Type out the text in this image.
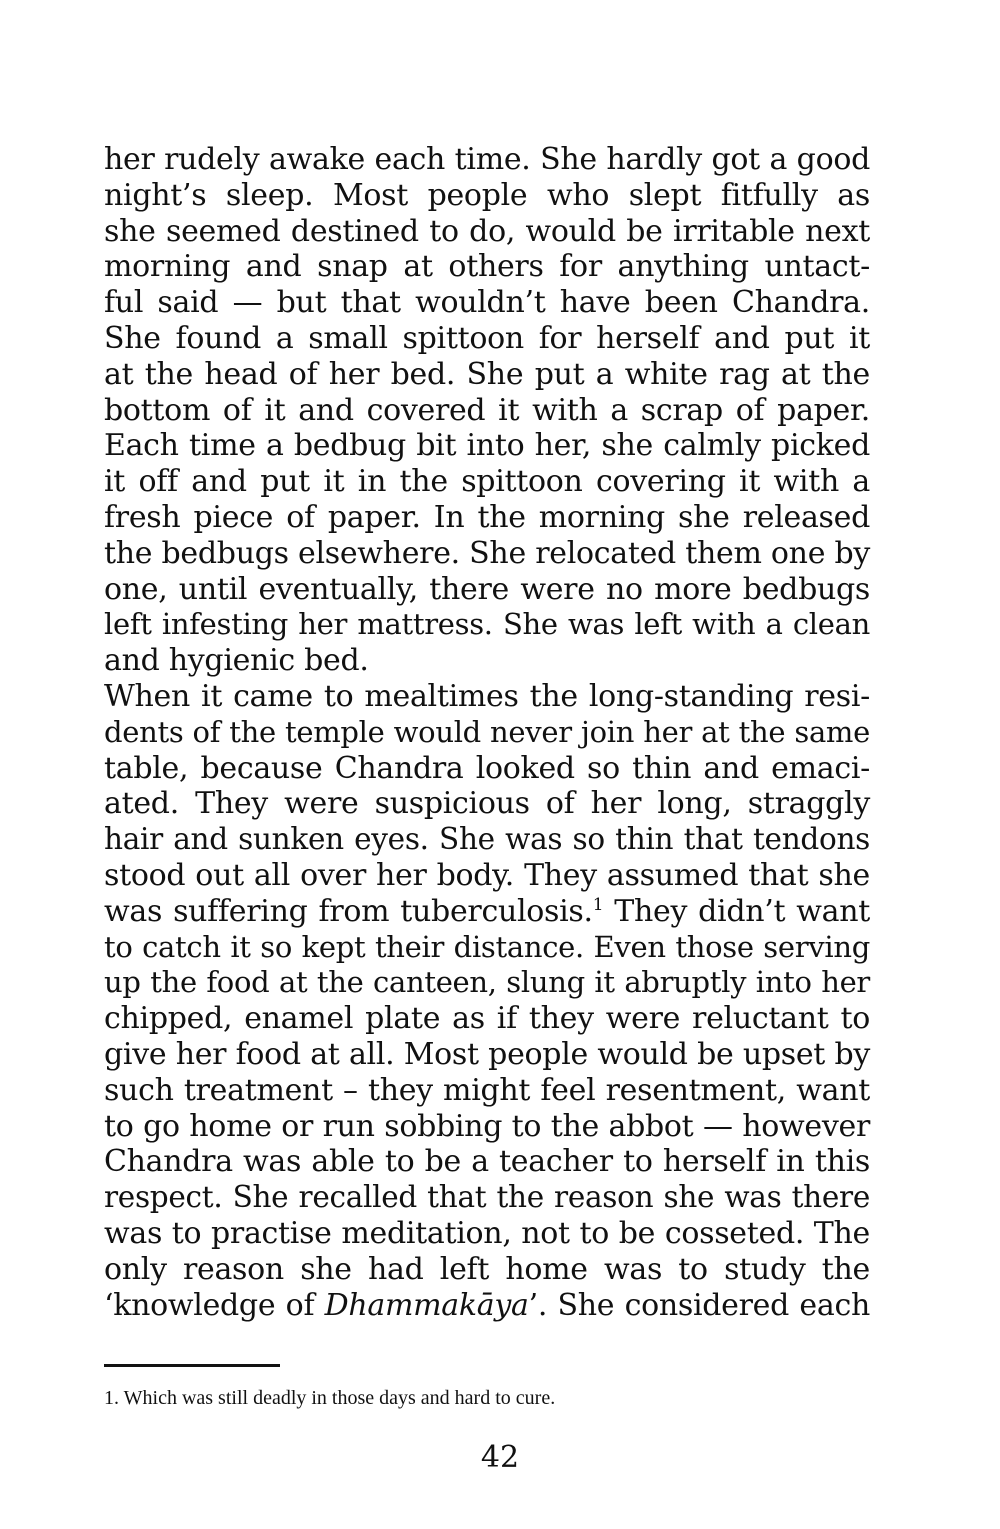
her rudely awake each time. She hardly got a good
night’s sleep. Most people who slept fitfully as
she seemed destined to do, would be irritable next
morning and snap at others for anything untact-
ful said — but that wouldn’t have been Chandra.
She found a small spittoon for herself and put it
at the head of her bed. She put a white rag at the
bottom of it and covered it with a scrap of paper.
Each time a bedbug bit into her, she calmly picked
it off and put it in the spittoon covering it with a
fresh piece of paper. In the morning she released
the bedbugs elsewhere. She relocated them one by
one, until eventually, there were no more bedbugs
left infesting her mattress. She was left with a clean
and hygienic bed.
When it came to mealtimes the long-standing resi-
dents of the temple would never join her at the same
table, because Chandra looked so thin and emaci-
ated. They were suspicious of her long, straggly
hair and sunken eyes. She was so thin that tendons
stood out all over her body. They assumed that she
was suffering from tuberculosis.$^1$ They didn’t want
to catch it so kept their distance. Even those serving
up the food at the canteen, slung it abruptly into her
chipped, enamel plate as if they were reluctant to
give her food at all. Most people would be upset by
such treatment – they might feel resentment, want
to go home or run sobbing to the abbot — however
Chandra was able to be a teacher to herself in this
respect. She recalled that the reason she was there
was to practise meditation, not to be cosseted. The
only reason she had left home was to study the
‘knowledge of Dhammakāya’. She considered each
1. Which was still deadly in those days and hard to cure.
42
